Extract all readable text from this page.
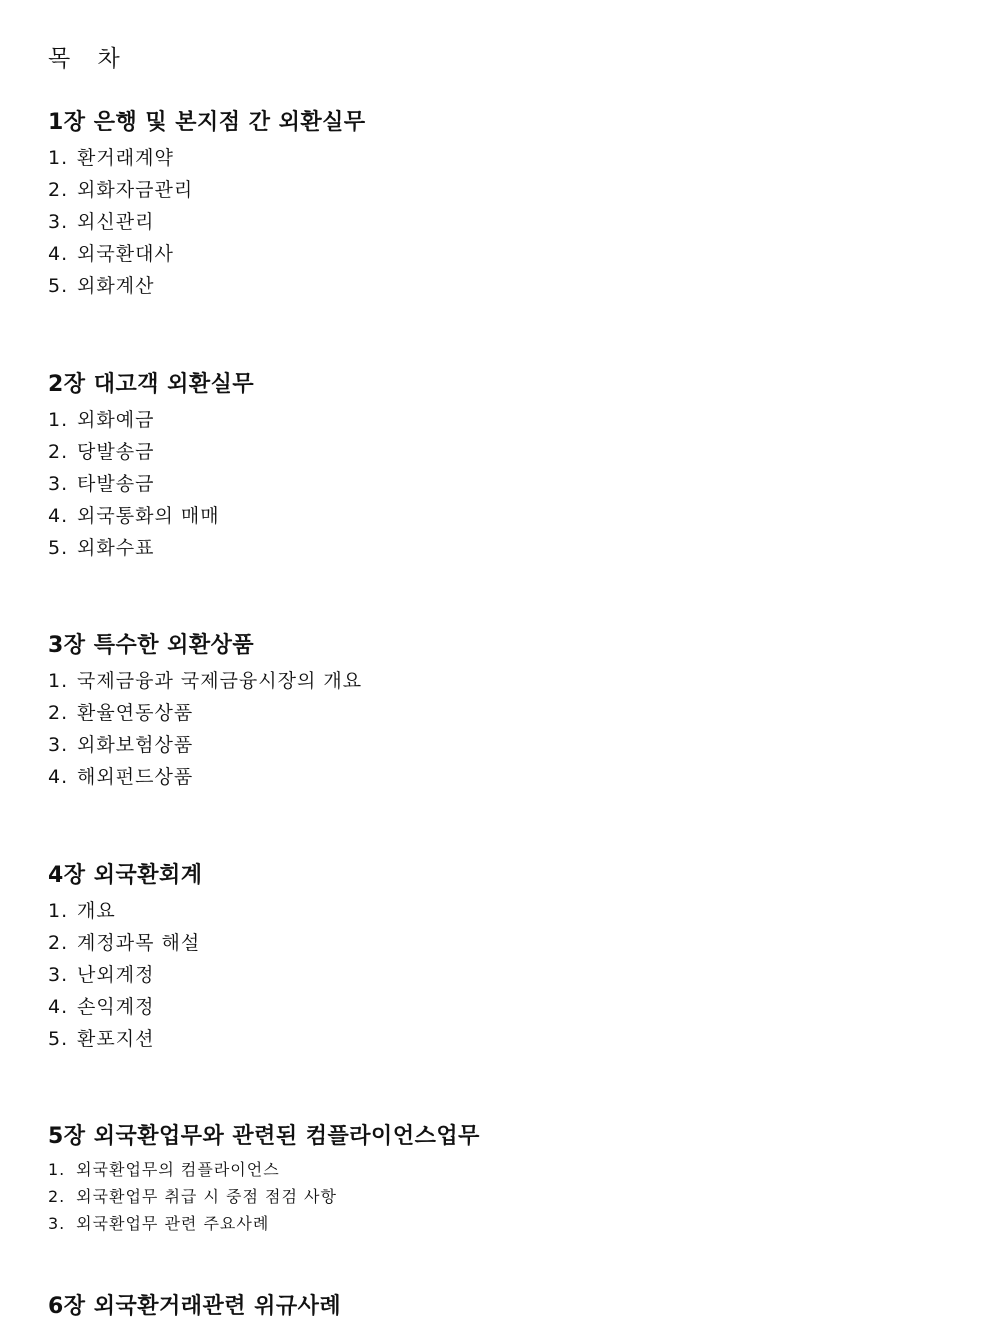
목 차
1장 은행 및 본지점 간 외환실무
1. 환거래계약
2. 외화자금관리
3. 외신관리
4. 외국환대사
5. 외화계산
2장 대고객 외환실무
1. 외화예금
2. 당발송금
3. 타발송금
4. 외국통화의 매매
5. 외화수표
3장 특수한 외환상품
1. 국제금융과 국제금융시장의 개요
2. 환율연동상품
3. 외화보험상품
4. 해외펀드상품
4장 외국환회계
1. 개요
2. 계정과목 해설
3. 난외계정
4. 손익계정
5. 환포지션
5장 외국환업무와 관련된 컴플라이언스업무
1. 외국환업무의 컴플라이언스
2. 외국환업무 취급 시 중점 점검 사항
3. 외국환업무 관련 주요사례
6장 외국환거래관련 위규사례
